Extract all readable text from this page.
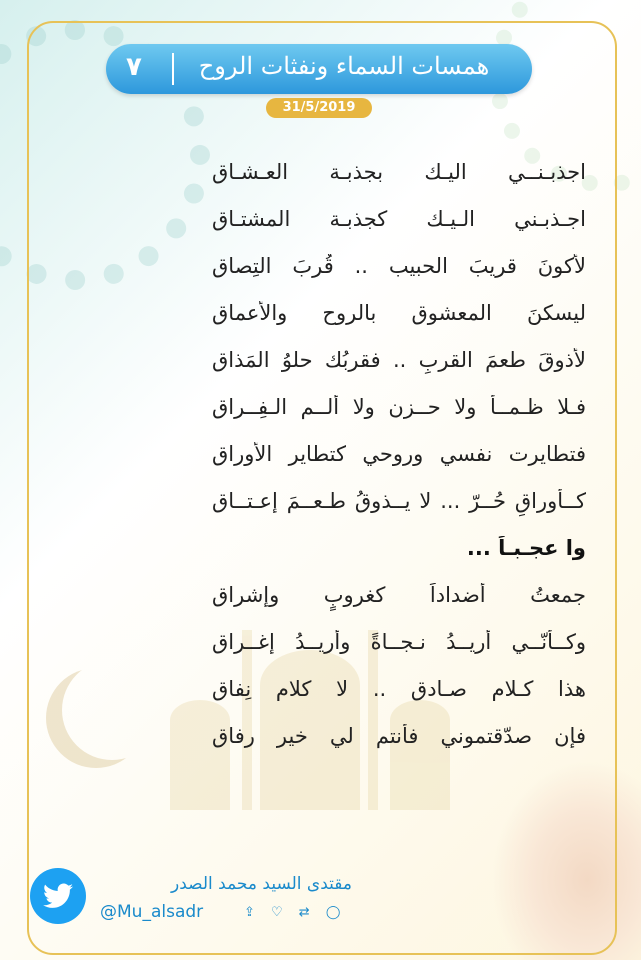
٧	همسات السماء ونفثات الروح
31/5/2019
اجذبـنــي اليـك بجذبـة العـشـاق
اجـذبـني الـيـك كجذبـة المشتـاق
لأكونَ قريبَ الحبيب .. قُربَ التِصاق
ليسكنَ المعشوق بالروح والأعماق
لأذوقَ طعمَ القربِ .. فقربُك حلوُ المَذاق
فـلا ظـمــأ ولا حــزن ولا ألــم الـفِــراق
فتطايرت نفسي وروحي كتطاير الأوراق
كــأوراقِ حُــرّ ... لا يــذوقُ طـعــمَ إعـتــاق
وا عجـبـاً ...
جمعتُ أضداداً كغروبٍ وإشراق
وكــأنّــي أريــدُ نـجــاةً وأريــدُ إغــراق
هذا كـلام صـادق .. لا كلام نِفاق
فإن صدّقتموني فأنتم لي خير رفاق
مقتدى السيد محمد الصدر
@Mu_alsadr	⇪ ♡ ⇄ ◯
